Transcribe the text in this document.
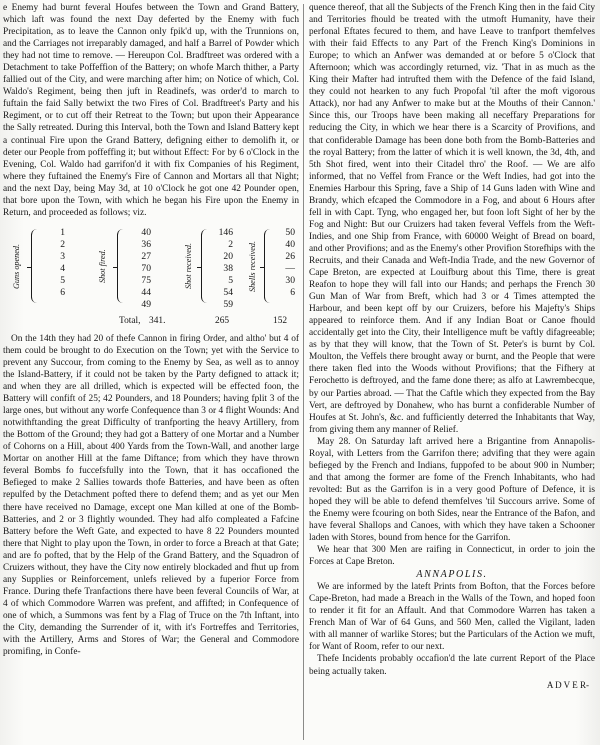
e Enemy had burnt feveral Houfes between the Town and Grand Battery, which laft was found the next Day deferted by the Enemy with fuch Precipitation, as to leave the Cannon only fpik'd up, with the Trunnions on, and the Carriages not irreparably damaged, and half a Barrel of Powder which they had not time to remove. — Hereupon Col. Bradftreet was ordered with a Detachment to take Poffeffion of the Battery; on whofe March thither, a Party fallied out of the City, and were marching after him; on Notice of which, Col. Waldo's Regiment, being then juft in Readinefs, was order'd to march to fuftain the faid Sally betwixt the two Fires of Col. Bradftreet's Party and his Regiment, or to cut off their Retreat to the Town; but upon their Appearance the Sally retreated. During this Interval, both the Town and Island Battery kept a continual Fire upon the Grand Battery, defigning either to demolifh it, or deter our People from poffeffing it; but without Effect: For by 6 o'Clock in the Evening, Col. Waldo had garrifon'd it with fix Companies of his Regiment, where they fuftained the Enemy's Fire of Cannon and Mortars all that Night; and the next Day, being May 3d, at 10 o'Clock he got one 42 Pounder open, that bore upon the Town, with which he began his Fire upon the Enemy in Return, and proceeded as follows; viz.

Guns opened.
1
2
3
4
5
6
Shot fired.
40
36
27
70
75
44
49
Shot received.
146
2
20
38
5
54
59
Shells received.
50
40
26
—
30
6
Total, 341.	265	152

On the 14th they had 20 of thefe Cannon in firing Order, and altho' but 4 of them could be brought to do Execution on the Town; yet with the Service to prevent any Succour, from coming to the Enemy by Sea, as well as to annoy the Island-Battery, if it could not be taken by the Party defigned to attack it; and when they are all drilled, which is expected will be effected foon, the Battery will confift of 25; 42 Pounders, and 18 Pounders; having fplit 3 of the large ones, but without any worfe Confequence than 3 or 4 flight Wounds: And notwithftanding the great Difficulty of tranfporting the heavy Artillery, from the Bottom of the Ground; they had got a Battery of one Mortar and a Number of Cohorns on a Hill, about 400 Yards from the Town-Wall, and another large Mortar on another Hill at the fame Diftance; from which they have thrown feveral Bombs fo fuccefsfully into the Town, that it has occafioned the Befieged to make 2 Sallies towards thofe Batteries, and have been as often repulfed by the Detachment pofted there to defend them; and as yet our Men there have received no Damage, except one Man killed at one of the Bomb-Batteries, and 2 or 3 flightly wounded. They had alfo compleated a Fafcine Battery before the Weft Gate, and expected to have 8 22 Pounders mounted there that Night to play upon the Town, in order to force a Breach at that Gate; and are fo pofted, that by the Help of the Grand Battery, and the Squadron of Cruizers without, they have the City now entirely blockaded and fhut up from any Supplies or Reinforcement, unlefs relieved by a fuperior Force from France. During thefe Tranfactions there have been feveral Councils of War, at 4 of which Commodore Warren was prefent, and affifted; in Confequence of one of which, a Summons was fent by a Flag of Truce on the 7th Inftant, into the City, demanding the Surrender of it, with it's Fortreffes and Territories, with the Artillery, Arms and Stores of War; the General and Commodore promifing, in Confe-

quence thereof, that all the Subjects of the French King then in the faid City and Territories fhould be treated with the utmoft Humanity, have their perfonal Eftates fecured to them, and have Leave to tranfport themfelves with their faid Effects to any Part of the French King's Dominions in Europe; to which an Anfwer was demanded at or before 5 o'Clock that Afternoon; which was accordingly returned, viz. 'That in as much as the King their Mafter had intrufted them with the Defence of the faid Island, they could not hearken to any fuch Propofal 'til after the moft vigorous Attack), nor had any Anfwer to make but at the Mouths of their Cannon.' Since this, our Troops have been making all neceffary Preparations for reducing the City, in which we hear there is a Scarcity of Provifions, and that confiderable Damage has been done both from the Bomb-Batteries and the royal Battery; from the latter of which it is well known, the 3d, 4th, and 5th Shot fired, went into their Citadel thro' the Roof. — We are alfo informed, that no Veffel from France or the Weft Indies, had got into the Enemies Harbour this Spring, fave a Ship of 14 Guns laden with Wine and Brandy, which efcaped the Commodore in a Fog, and about 6 Hours after fell in with Capt. Tyng, who engaged her, but foon loft Sight of her by the Fog and Night: But our Cruizers had taken feveral Veffels from the Weft-Indies, and one Ship from France, with 60000 Weight of Bread on board, and other Provifions; and as the Enemy's other Provifion Storefhips with the Recruits, and their Canada and Weft-India Trade, and the new Governor of Cape Breton, are expected at Louifburg about this Time, there is great Reafon to hope they will fall into our Hands; and perhaps the French 30 Gun Man of War from Breft, which had 3 or 4 Times attempted the Harbour, and been kept off by our Cruizers, before his Majefty's Ships appeared to reinforce them. And if any Indian Boat or Canoe fhould accidentally get into the City, their Intelligence muft be vaftly difagreeable; as by that they will know, that the Town of St. Peter's is burnt by Col. Moulton, the Veffels there brought away or burnt, and the People that were there taken fled into the Woods without Provifions; that the Fifhery at Ferochetto is deftroyed, and the fame done there; as alfo at Lawrembecque, by our Parties abroad. — That the Caftle which they expected from the Bay Vert, are deftroyed by Donahew, who has burnt a confiderable Number of Houfes at St. John's, &c. and fufficiently deterred the Inhabitants that Way, from giving them any manner of Relief.

May 28. On Saturday laft arrived here a Brigantine from Annapolis-Royal, with Letters from the Garrifon there; advifing that they were again befieged by the French and Indians, fuppofed to be about 900 in Number; and that among the former are fome of the French Inhabitants, who had revolted: But as the Garrifon is in a very good Pofture of Defence, it is hoped they will be able to defend themfelves 'til Succours arrive. Some of the Enemy were fcouring on both Sides, near the Entrance of the Bafon, and have feveral Shallops and Canoes, with which they have taken a Schooner laden with Stores, bound from hence for the Garrifon.

We hear that 300 Men are raifing in Connecticut, in order to join the Forces at Cape Breton.

ANNAPOLIS.

We are informed by the lateft Prints from Bofton, that the Forces before Cape-Breton, had made a Breach in the Walls of the Town, and hoped foon to render it fit for an Affault. And that Commodore Warren has taken a French Man of War of 64 Guns, and 560 Men, called the Vigilant, laden with all manner of warlike Stores; but the Particulars of the Action we muft, for Want of Room, refer to our next.

Thefe Incidents probably occafion'd the late current Report of the Place being actually taken.

A D V E R-
